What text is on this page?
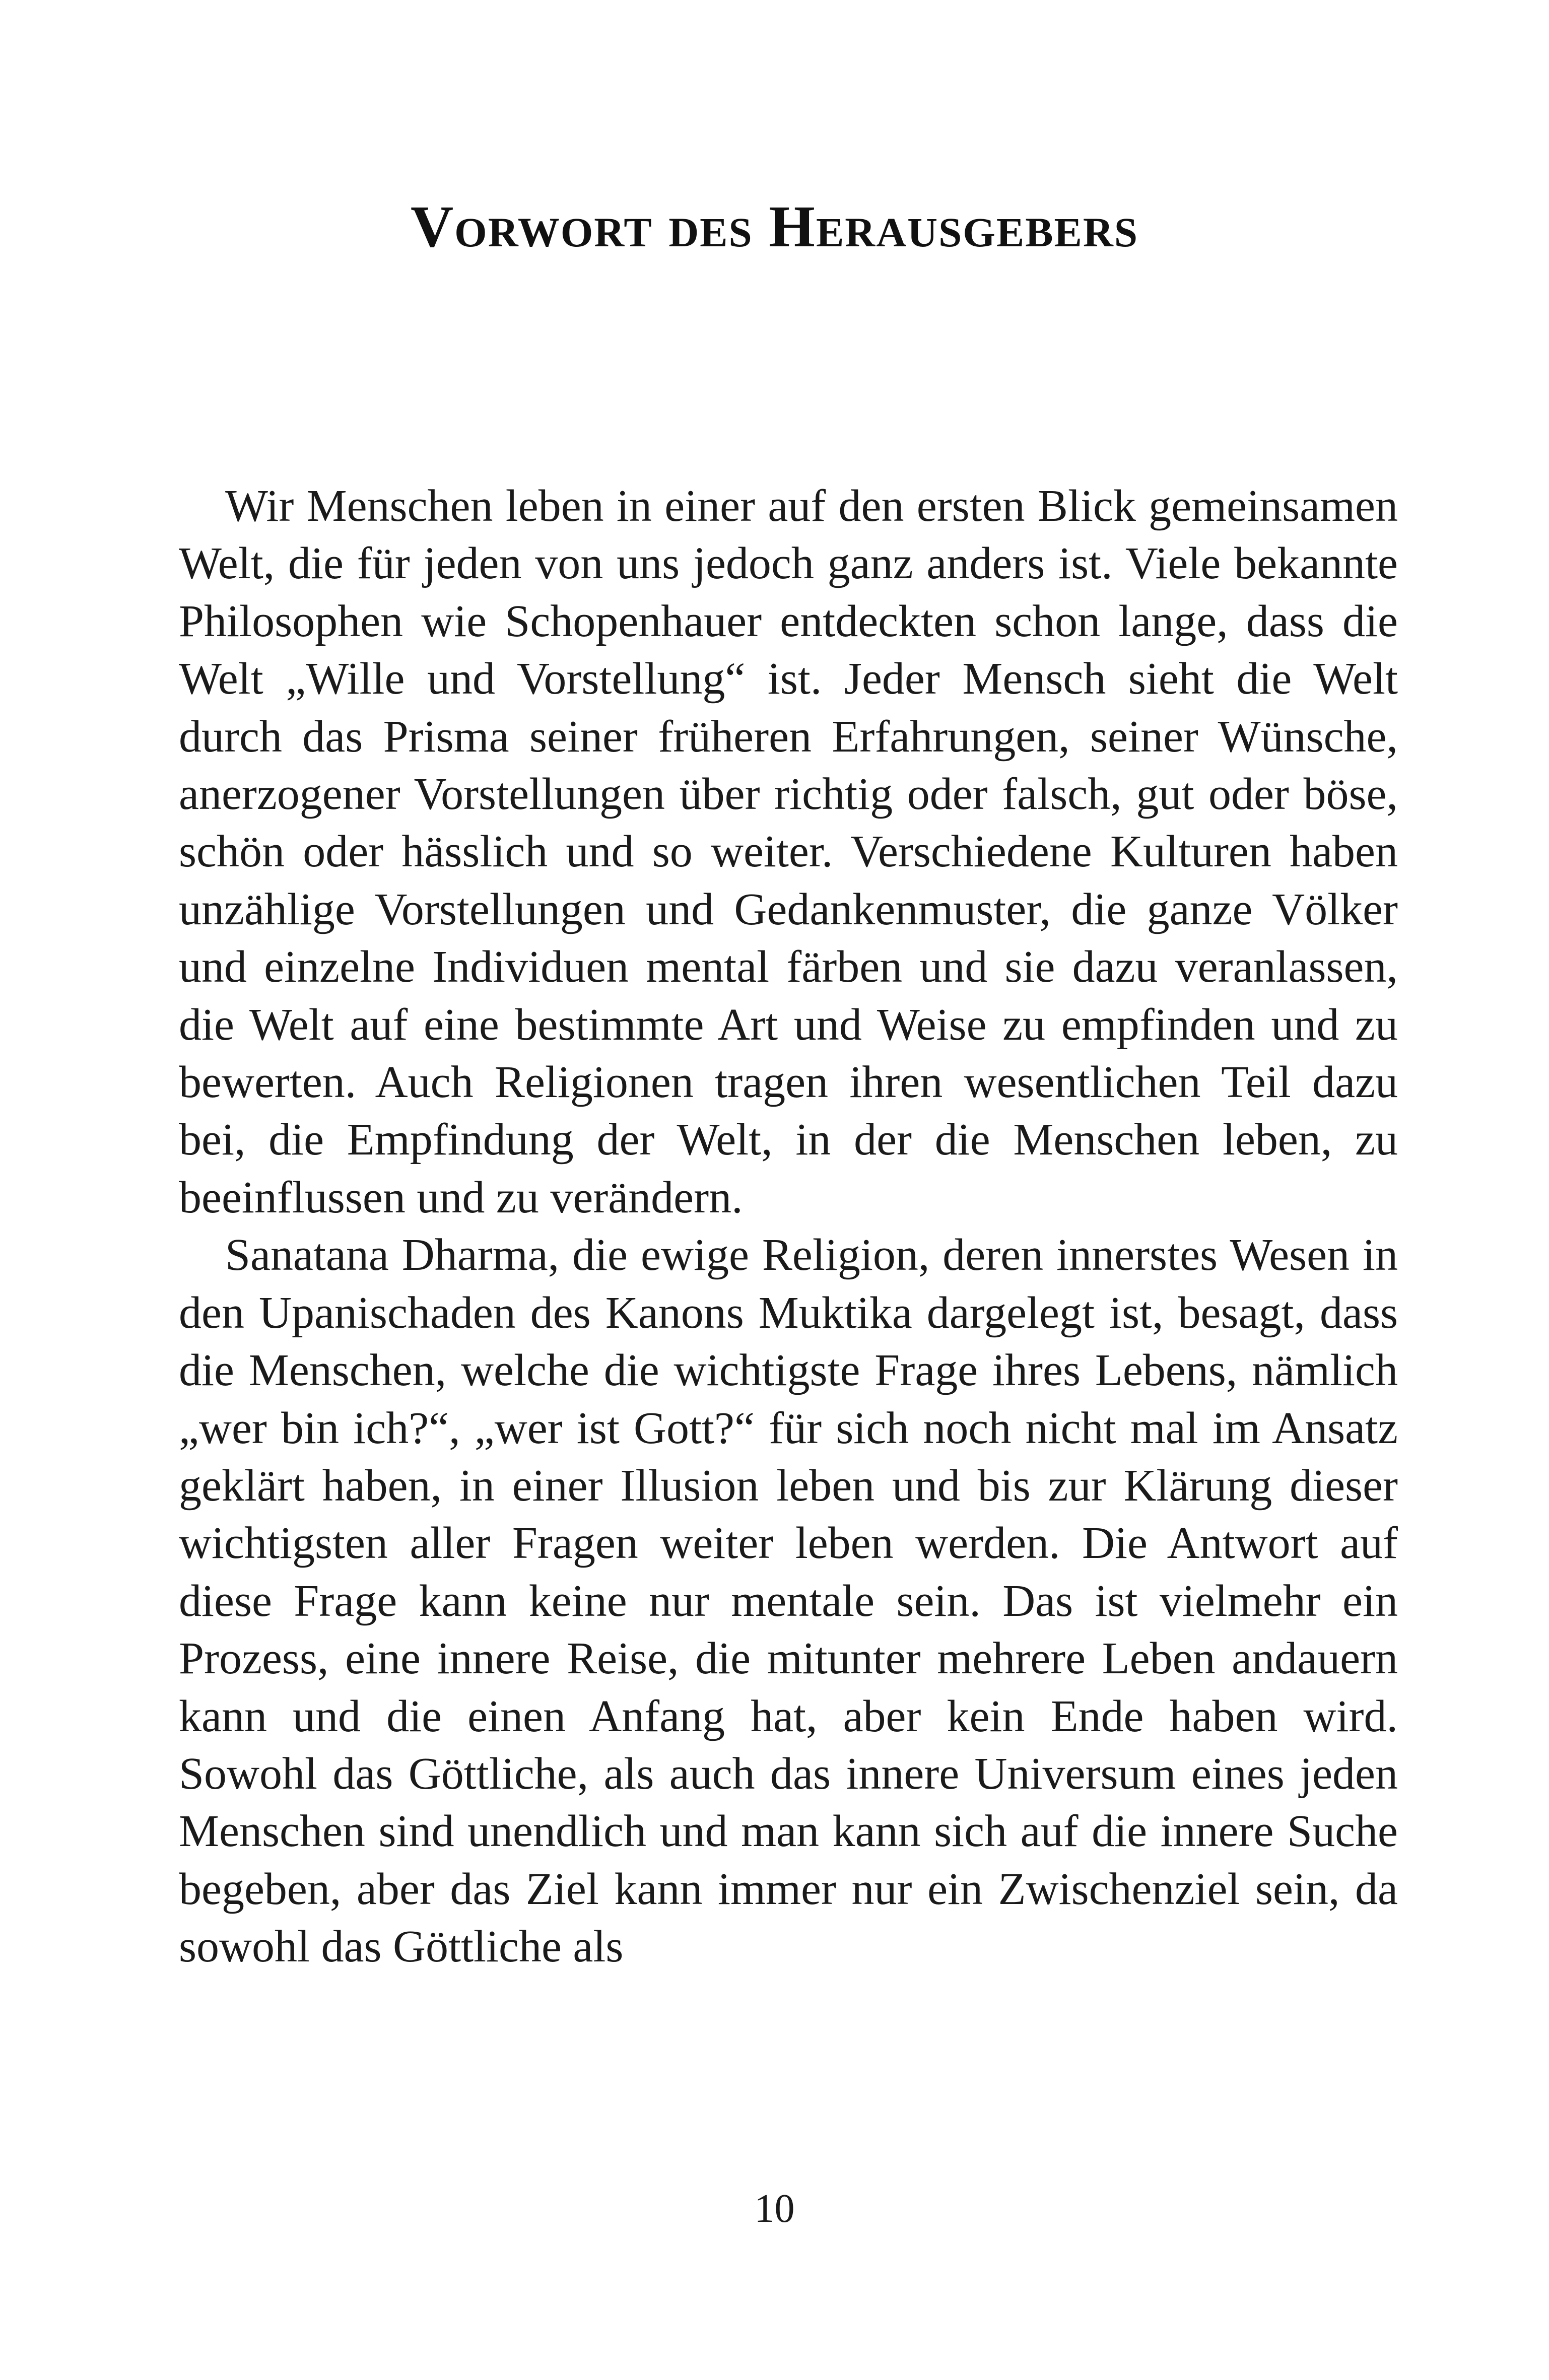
Vorwort des Herausgebers

Wir Menschen leben in einer auf den ersten Blick gemeinsamen Welt, die für jeden von uns jedoch ganz anders ist. Viele bekannte Philosophen wie Schopenhauer entdeckten schon lange, dass die Welt „Wille und Vorstellung“ ist. Jeder Mensch sieht die Welt durch das Prisma seiner früheren Erfahrungen, seiner Wünsche, anerzogener Vorstellungen über richtig oder falsch, gut oder böse, schön oder hässlich und so weiter. Verschiedene Kulturen haben unzählige Vorstellungen und Gedankenmuster, die ganze Völker und einzelne Individuen mental färben und sie dazu veranlassen, die Welt auf eine bestimmte Art und Weise zu empfinden und zu bewerten. Auch Religionen tragen ihren wesentlichen Teil dazu bei, die Empfindung der Welt, in der die Menschen leben, zu beeinflussen und zu verändern.

Sanatana Dharma, die ewige Religion, deren innerstes Wesen in den Upanischaden des Kanons Muktika dargelegt ist, besagt, dass die Menschen, welche die wichtigste Frage ihres Lebens, nämlich „wer bin ich?“, „wer ist Gott?“ für sich noch nicht mal im Ansatz geklärt haben, in einer Illusion leben und bis zur Klärung dieser wichtigsten aller Fragen weiter leben werden. Die Antwort auf diese Frage kann keine nur mentale sein. Das ist vielmehr ein Prozess, eine innere Reise, die mitunter mehrere Leben andauern kann und die einen Anfang hat, aber kein Ende haben wird. Sowohl das Göttliche, als auch das innere Universum eines jeden Menschen sind unendlich und man kann sich auf die innere Suche begeben, aber das Ziel kann immer nur ein Zwischenziel sein, da sowohl das Göttliche als

10
